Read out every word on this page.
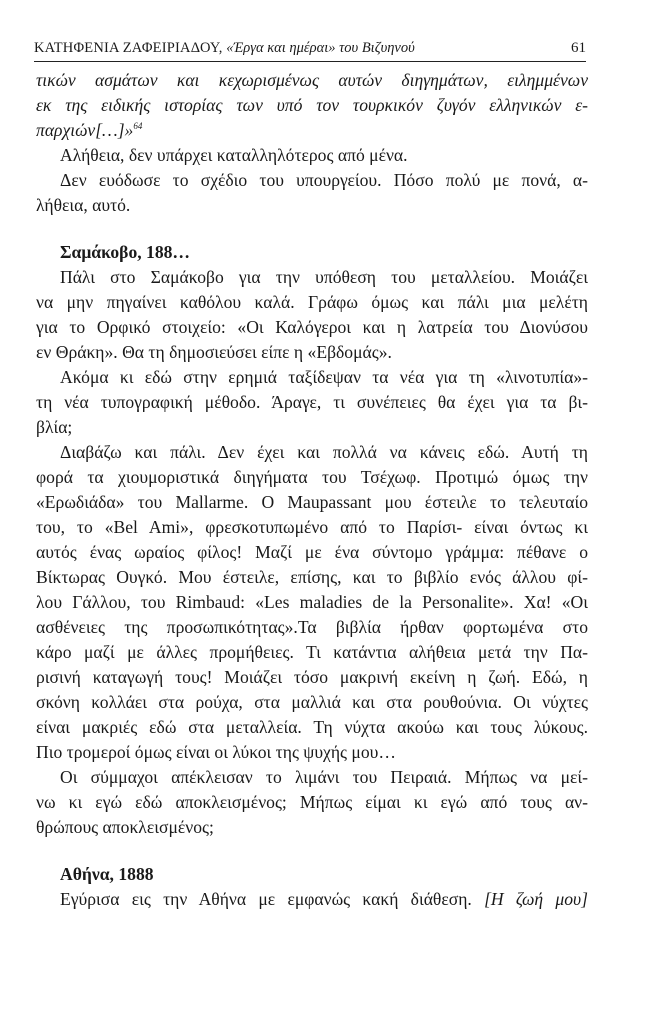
ΚΑΤΗΦΕΝΙΑ ΖΑΦΕΙΡΙΑΔΟΥ, «Έργα και ημέραι» του Βιζυηνού	61
τικών ασμάτων και κεχωρισμένως αυτών διηγημάτων, ειλημμένων
εκ της ειδικής ιστορίας των υπό τον τουρκικόν ζυγόν ελληνικών ε-
παρχιών[…]»$^{64}$
Αλήθεια, δεν υπάρχει καταλληλότερος από μένα.
Δεν ευόδωσε το σχέδιο του υπουργείου. Πόσο πολύ με πονά, α-
λήθεια, αυτό.
Σαμάκοβο, 188…
Πάλι στο Σαμάκοβο για την υπόθεση του μεταλλείου. Μοιάζει
να μην πηγαίνει καθόλου καλά. Γράφω όμως και πάλι μια μελέτη
για το Ορφικό στοιχείο: «Οι Καλόγεροι και η λατρεία του Διονύσου
εν Θράκη». Θα τη δημοσιεύσει είπε η «Εβδομάς».
Ακόμα κι εδώ στην ερημιά ταξίδεψαν τα νέα για τη «λινοτυπία»-
τη νέα τυπογραφική μέθοδο. Άραγε, τι συνέπειες θα έχει για τα βι-
βλία;
Διαβάζω και πάλι. Δεν έχει και πολλά να κάνεις εδώ. Αυτή τη
φορά τα χιουμοριστικά διηγήματα του Τσέχωφ. Προτιμώ όμως την
«Ερωδιάδα» του Mallarme. O Maupassant μου έστειλε το τελευταίο
του, το «Bel Ami», φρεσκοτυπωμένο από το Παρίσι- είναι όντως κι
αυτός ένας ωραίος φίλος! Μαζί με ένα σύντομο γράμμα: πέθανε ο
Βίκτωρας Ουγκό. Μου έστειλε, επίσης, και το βιβλίο ενός άλλου φί-
λου Γάλλου, του Rimbaud: «Les maladies de la Personalite». Χα! «Οι
ασθένειες της προσωπικότητας».Τα βιβλία ήρθαν φορτωμένα στο
κάρο μαζί με άλλες προμήθειες. Τι κατάντια αλήθεια μετά την Πα-
ρισινή καταγωγή τους! Μοιάζει τόσο μακρινή εκείνη η ζωή. Εδώ, η
σκόνη κολλάει στα ρούχα, στα μαλλιά και στα ρουθούνια. Οι νύχτες
είναι μακριές εδώ στα μεταλλεία. Τη νύχτα ακούω και τους λύκους.
Πιο τρομεροί όμως είναι οι λύκοι της ψυχής μου…
Οι σύμμαχοι απέκλεισαν το λιμάνι του Πειραιά. Μήπως να μεί-
νω κι εγώ εδώ αποκλεισμένος; Μήπως είμαι κι εγώ από τους αν-
θρώπους αποκλεισμένος;
Αθήνα, 1888
Εγύρισα εις την Αθήνα με εμφανώς κακή διάθεση. [Η ζωή μου]
